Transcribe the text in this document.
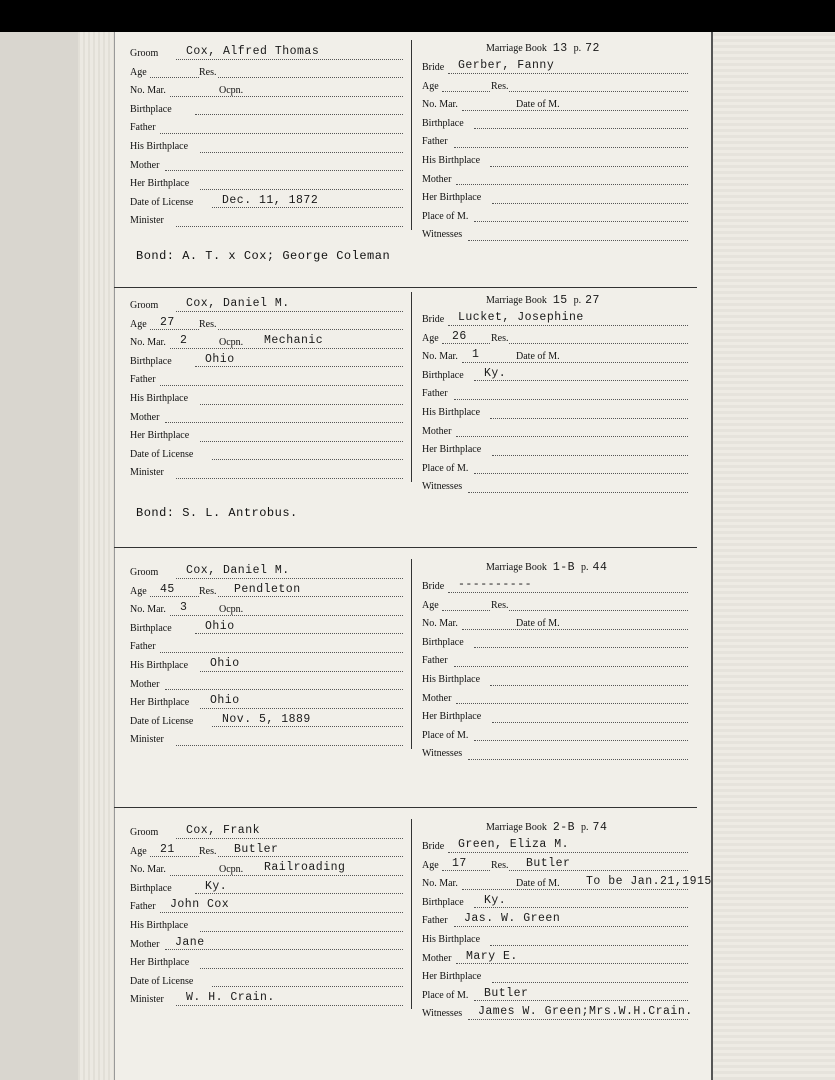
Groom Cox, Alfred Thomas
Age	Res.
No. Mar.	Ocpn.
Birthplace
Father
His Birthplace
Mother
Her Birthplace
Date of License Dec. 11, 1872
Minister
Marriage Book 13 p. 72
Bride Gerber, Fanny
Age	Res.
No. Mar.	Date of M.
Birthplace
Father
His Birthplace
Mother
Her Birthplace
Place of M.
Witnesses
Groom Cox, Daniel M.
Age 27 Res.
No. Mar. 2	Ocpn. Mechanic
Birthplace	Ohio
Father
His Birthplace
Mother
Her Birthplace
Date of License
Minister
Marriage Book 15 p. 27
Bride Lucket, Josephine
Age 26 Res.
No. Mar. 1	Date of M.
Birthplace Ky.
Father
His Birthplace
Mother
Her Birthplace
Place of M.
Witnesses
Groom Cox, Daniel M.
Age 45 Res. Pendleton
No. Mar. 3	Ocpn.
Birthplace	Ohio
Father
His Birthplace Ohio
Mother
Her Birthplace Ohio
Date of License Nov. 5, 1889
Minister
Marriage Book 1-B p. 44
Bride ----------
Age	Res.
No. Mar.	Date of M.
Birthplace
Father
His Birthplace
Mother
Her Birthplace
Place of M.
Witnesses
Groom Cox, Frank
Age 21 Res. Butler
No. Mar.	Ocpn. Railroading
Birthplace	Ky.
Father John Cox
His Birthplace
Mother Jane
Her Birthplace
Date of License
Minister W. H. Crain.
Marriage Book 2-B p. 74
Bride Green, Eliza M.
Age 17 Res. Butler
No. Mar.	Date of M. To be Jan.21,1915
Birthplace Ky.
Father Jas. W. Green
His Birthplace
Mother Mary E.
Her Birthplace
Place of M. Butler
Witnesses James W. Green;Mrs.W.H.Crain.
Bond: A. T. x Cox; George Coleman
Bond: S. L. Antrobus.
